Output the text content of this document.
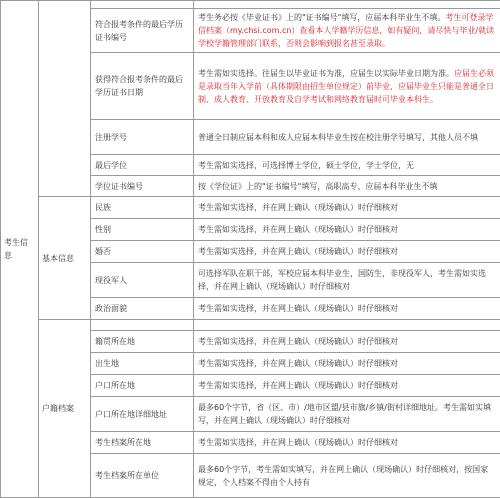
考生信息			
		符合报考条件的最后学历证书编号	考生务必按《毕业证书》上的"证书编号"填写，应届本科毕业生不填。考生可登录学信档案（my.chsi.com.cn）查看本人学籍学历信息，如有疑问，请尽快与毕业/就读学校学籍管理部门联系，否则会影响到报名甚至录取。
		获得符合报考条件的最后学历证书日期	考生需如实选择。往届生以毕业证书为准，应届生以实际毕业日期为准。应届生必须是录取当年入学前（具体期限由招生单位规定）前毕业，应届毕业生只能是普通全日制、成人教育、开放教育及自学考试和网络教育届时可毕业本科生。
		注册学号	普通全日制应届本科和成人应届本科毕业生按在校注册学号填写，其他人员不填
		最后学位	考生需如实选择，可选择博士学位，硕士学位，学士学位，无
		学位证书编号	按《学位证》上的"证书编号"填写，高职高专、应届本科毕业生不填
	基本信息	民族	考生需如实选择，并在网上确认（现场确认）时仔细核对
		性别	考生需如实选择，并在网上确认（现场确认）时仔细核对
		婚否	考生需如实选择，并在网上确认（现场确认）时仔细核对
		现役军人	可选择军队在职干部，军校应届本科毕业生，国防生，非现役军人，考生需如实选择，并在网上确认（现场确认）时仔细核对
		政治面貌	考生需如实选择，并在网上确认（现场确认）时仔细核对
	户籍档案		
		籍贯所在地	考生需如实选择，并在网上确认（现场确认）时仔细核对
		出生地	考生需如实选择，并在网上确认（现场确认）时仔细核对
		户口所在地	考生需如实选择，并在网上确认（现场确认）时仔细核对
		户口所在地详细地址	最多60个字节，省（区、市）/地市区盟/县市旗/乡镇/街村详细地址。考生需如实填写，并在网上确认（现场确认）时仔细核对
		考生档案所在地	考生需如实选择，并在网上确认（现场确认）时仔细核对
		考生档案所在单位	最多60个字节，考生需如实填写，并在网上确认（现场确认）时仔细核对，按国家规定，个人档案不得由个人持有
